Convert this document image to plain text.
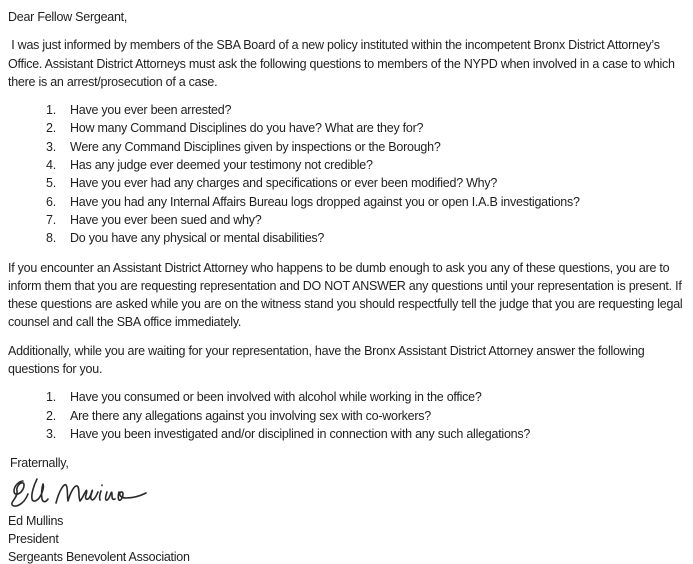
Dear Fellow Sergeant,

I was just informed by members of the SBA Board of a new policy instituted within the incompetent Bronx District Attorney’s Office. Assistant District Attorneys must ask the following questions to members of the NYPD when involved in a case to which there is an arrest/prosecution of a case.

Have you ever been arrested?
How many Command Disciplines do you have? What are they for?
Were any Command Disciplines given by inspections or the Borough?
Has any judge ever deemed your testimony not credible?
Have you ever had any charges and specifications or ever been modified? Why?
Have you had any Internal Affairs Bureau logs dropped against you or open I.A.B investigations?
Have you ever been sued and why?
Do you have any physical or mental disabilities?

If you encounter an Assistant District Attorney who happens to be dumb enough to ask you any of these questions, you are to inform them that you are requesting representation and DO NOT ANSWER any questions until your representation is present. If these questions are asked while you are on the witness stand you should respectfully tell the judge that you are requesting legal counsel and call the SBA office immediately.

Additionally, while you are waiting for your representation, have the Bronx Assistant District Attorney answer the following questions for you.

Have you consumed or been involved with alcohol while working in the office?
Are there any allegations against you involving sex with co-workers?
Have you been investigated and/or disciplined in connection with any such allegations?

Fraternally,

Ed Mullins

President

Sergeants Benevolent Association
